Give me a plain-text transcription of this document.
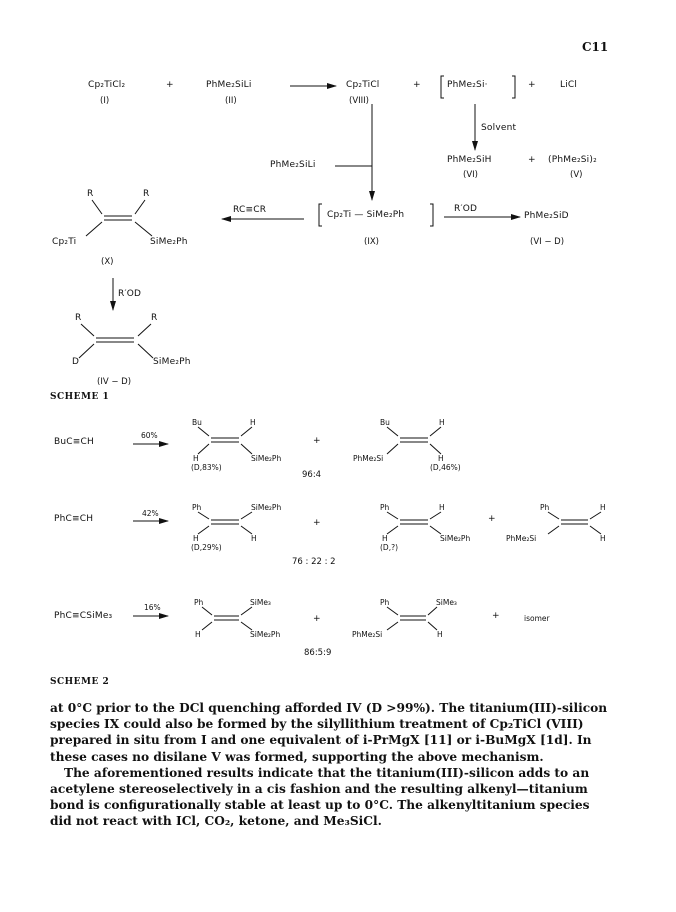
C11
Cp₂TiCl₂
(I)
+	PhMe₂SiLi
(II)
Cp₂TiCl
(VIII)
+	PhMe₂Si·	+	LiCl
Solvent
PhMe₂SiH
(VI)
+ (PhMe₂Si)₂
(V)
PhMe₂SiLi
Cp₂Ti — SiMe₂Ph
(IX)
RC≡CR	R′OD
PhMe₂SiD
(VI − D)
R	R
Cp₂Ti	SiMe₂Ph
(X)
R′OD
R	R
D	SiMe₂Ph
(IV − D)
SCHEME 1
BuC≡CH
60%
Bu	H
H	SiMe₂Ph
(D,83%)
+
Bu	H
PhMe₂Si	H
(D,46%)
96:4
PhC≡CH
42%
Ph	SiMe₂Ph
H	H
(D,29%)
+
Ph	H
H	SiMe₂Ph
(D,?)
+
Ph	H
PhMe₂Si	H
76 : 22 : 2
PhC≡CSiMe₃
16%
Ph	SiMe₃
H	SiMe₂Ph
+
Ph	SiMe₃
PhMe₂Si	H
+	isomer
86:5:9
SCHEME 2

at 0°C prior to the DCl quenching afforded IV (D >99%). The titanium(III)-silicon species IX could also be formed by the silyllithium treatment of Cp₂TiCl (VIII) prepared in situ from I and one equivalent of i-PrMgX [11] or i-BuMgX [1d]. In these cases no disilane V was formed, supporting the above mechanism.

The aforementioned results indicate that the titanium(III)-silicon adds to an acetylene stereoselectively in a cis fashion and the resulting alkenyl—titanium bond is configurationally stable at least up to 0°C. The alkenyltitanium species did not react with ICl, CO₂, ketone, and Me₃SiCl.
